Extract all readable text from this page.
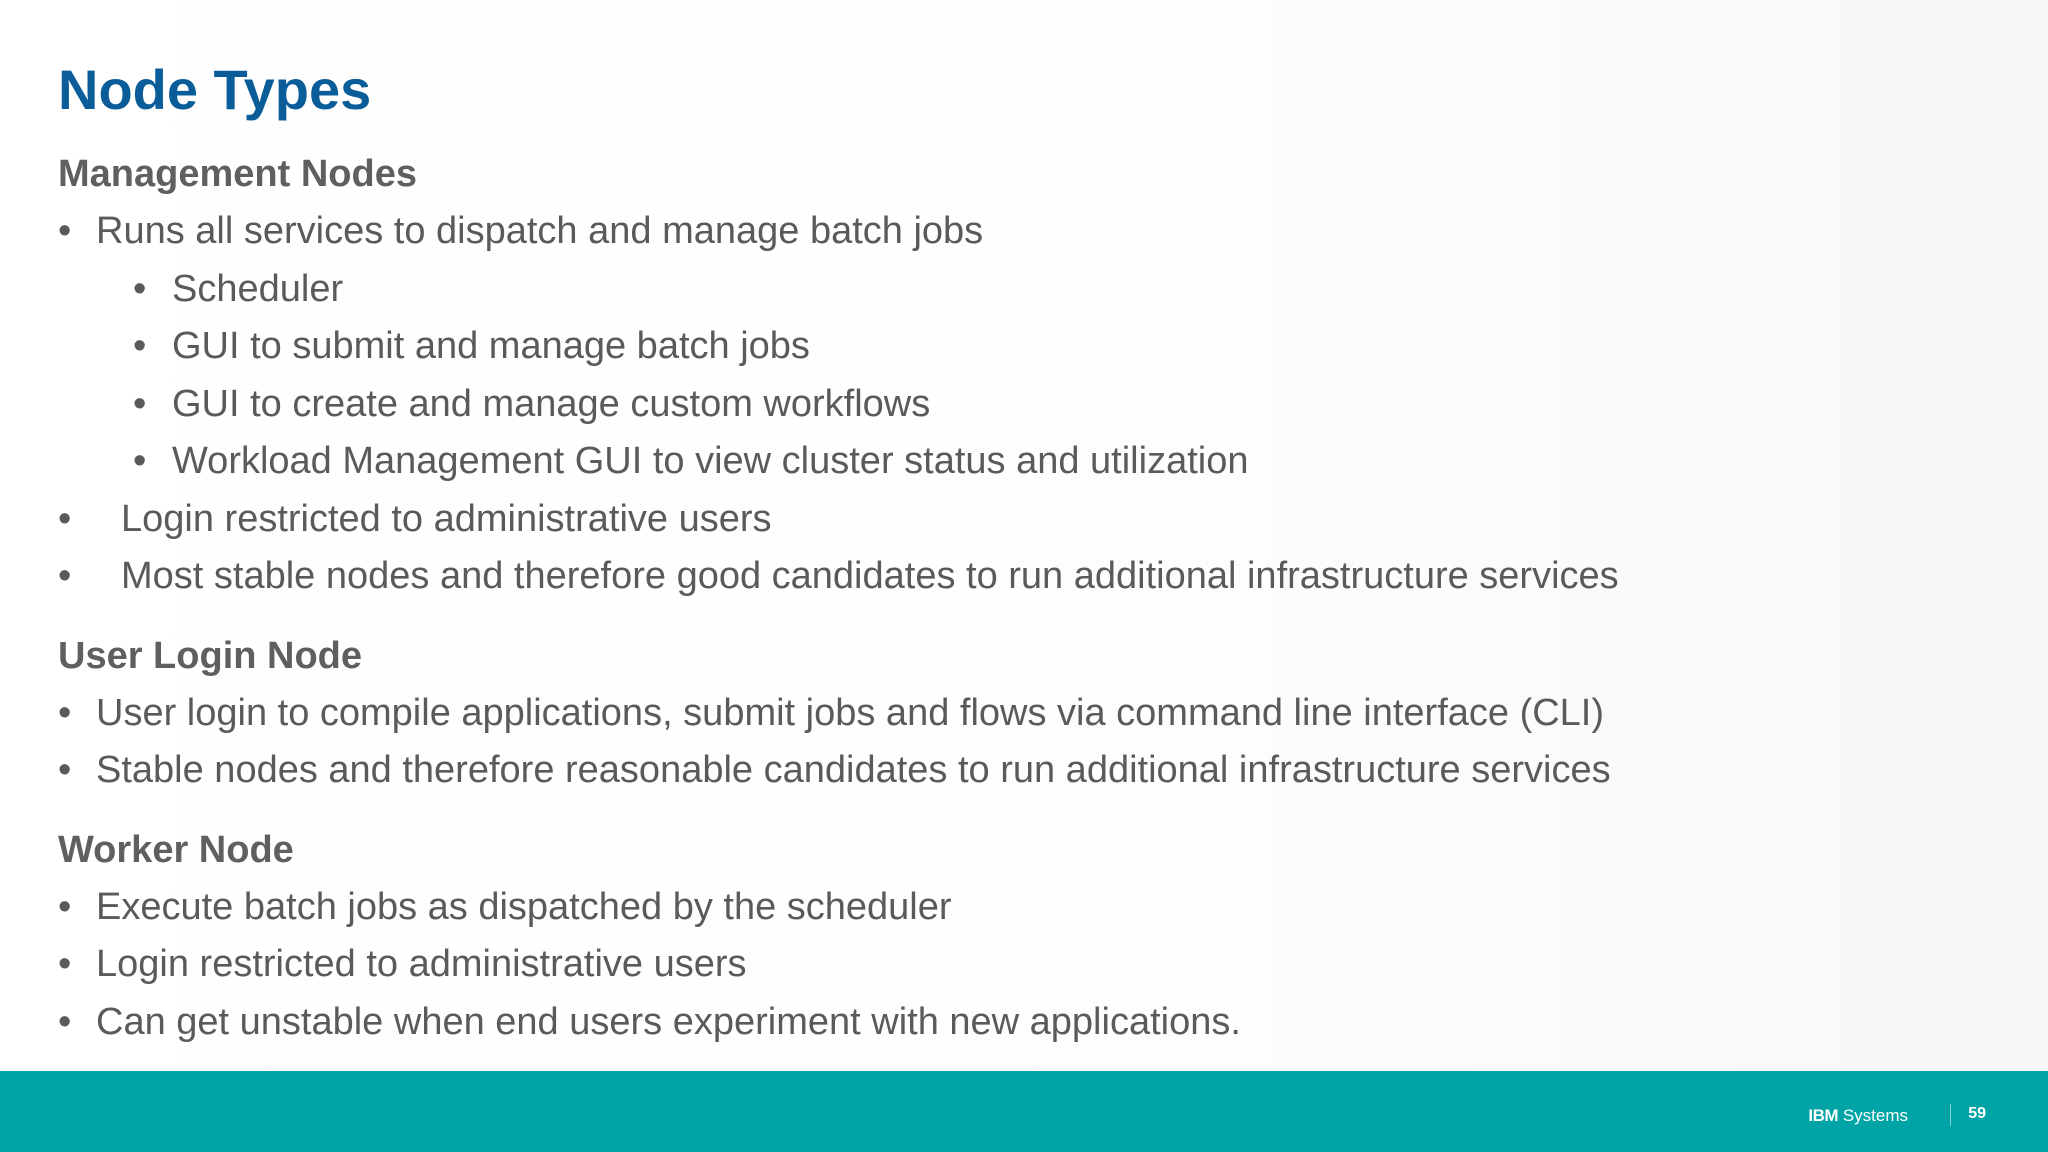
Node Types
Management Nodes
• Runs all services to dispatch and manage batch jobs
• Scheduler
• GUI to submit and manage batch jobs
• GUI to create and manage custom workflows
• Workload Management GUI to view cluster status and utilization
• Login restricted to administrative users
• Most stable nodes and therefore good candidates to run additional infrastructure services
User Login Node
• User login to compile applications, submit jobs and flows via command line interface (CLI)
• Stable nodes and therefore reasonable candidates to run additional infrastructure services
Worker Node
• Execute batch jobs as dispatched by the scheduler
• Login restricted to administrative users
• Can get unstable when end users experiment with new applications.
IBM Systems	59
